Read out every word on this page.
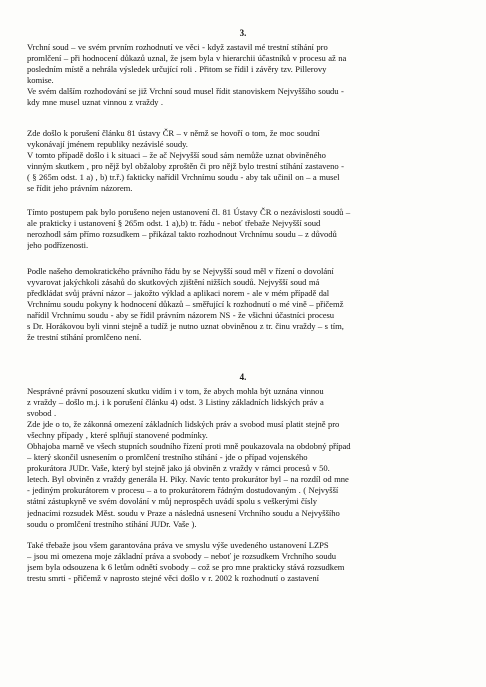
3.
Vrchní soud – ve svém prvním rozhodnutí ve věci - když zastavil mé trestní stíhání pro
promlčení – při hodnocení důkazů uznal, že jsem byla v hierarchii účastníků v procesu až na
posledním místě a nehrála výsledek určující roli . Přitom se řídil i závěry tzv. Pillerovy
komise.
Ve svém dalším rozhodování se již Vrchní soud musel řídit stanoviskem Nejvyššího soudu -
kdy mne musel uznat vinnou z vraždy .
Zde došlo k porušení článku 81 ústavy ČR – v němž se hovoří o tom, že moc soudní
vykonávají jménem republiky nezávislé soudy.
V tomto případě došlo i k situaci – že ač Nejvyšší soud sám nemůže uznat obviněného
vinným skutkem , pro nějž byl obžaloby zproštěn či pro nějž bylo trestní stíhání zastaveno -
( § 265m odst. 1 a) , b) tr.ř.) fakticky nařídil Vrchnímu soudu - aby tak učinil on – a musel
se řídit jeho právním názorem.
Tímto postupem pak bylo porušeno nejen ustanovení čl. 81 Ústavy ČR o nezávislosti soudů –
ale prakticky i ustanovení § 265m odst. 1 a),b) tr. řádu - neboť třebaže Nejvyšší soud
nerozhodl sám přímo rozsudkem – přikázal takto rozhodnout Vrchnímu soudu – z důvodů
jeho podřízenosti.
Podle našeho demokratického právního řádu by se Nejvyšší soud měl v řízení o dovolání
vyvarovat jakýchkoli zásahů do skutkových zjištění nižších soudů. Nejvyšší soud má
předkládat svůj právní názor – jakožto výklad a aplikaci norem - ale v mém případě dal
Vrchnímu soudu pokyny k hodnocení důkazů – směřující k rozhodnutí o mé vině – přičemž
nařídil Vrchnímu soudu - aby se řídil právním názorem NS - že všichni účastníci procesu
s Dr. Horákovou byli vinni stejně a tudíž je nutno uznat obviněnou z tr. činu vraždy – s tím,
že trestní stíhání promlčeno není.
4.
Nesprávné právní posouzení skutku vidím i v tom, že abych mohla být uznána vinnou
z vraždy – došlo m.j. i k porušení článku 4) odst. 3 Listiny základních lidských práv a
svobod .
Zde jde o to, že zákonná omezení základních lidských práv a svobod musí platit stejně pro
všechny případy , které splňují stanovené podmínky.
Obhajoba marně ve všech stupních soudního řízení proti mně poukazovala na obdobný případ
– který skončil usnesením o promlčení trestního stíhání - jde o případ vojenského
prokurátora JUDr. Vaše, který byl stejně jako já obviněn z vraždy v rámci procesů v 50.
letech. Byl obviněn z vraždy generála H. Piky. Navíc tento prokurátor byl – na rozdíl od mne
- jediným prokurátorem v procesu – a to prokurátorem řádným dostudovaným . ( Nejvyšší
státní zástupkyně ve svém dovolání v můj neprospěch uvádí spolu s veškerými čísly
jednacími rozsudek Měst. soudu v Praze a následná usnesení Vrchního soudu a Nejvyššího
soudu o promlčení trestního stíhání JUDr. Vaše ).
Také třebaže jsou všem garantována práva ve smyslu výše uvedeného ustanovení LZPS
– jsou mi omezena moje základní práva a svobody – neboť je rozsudkem Vrchního soudu
jsem byla odsouzena k 6 letům odnětí svobody – což se pro mne prakticky stává rozsudkem
trestu smrti - přičemž v naprosto stejné věci došlo v r. 2002 k rozhodnutí o zastavení
